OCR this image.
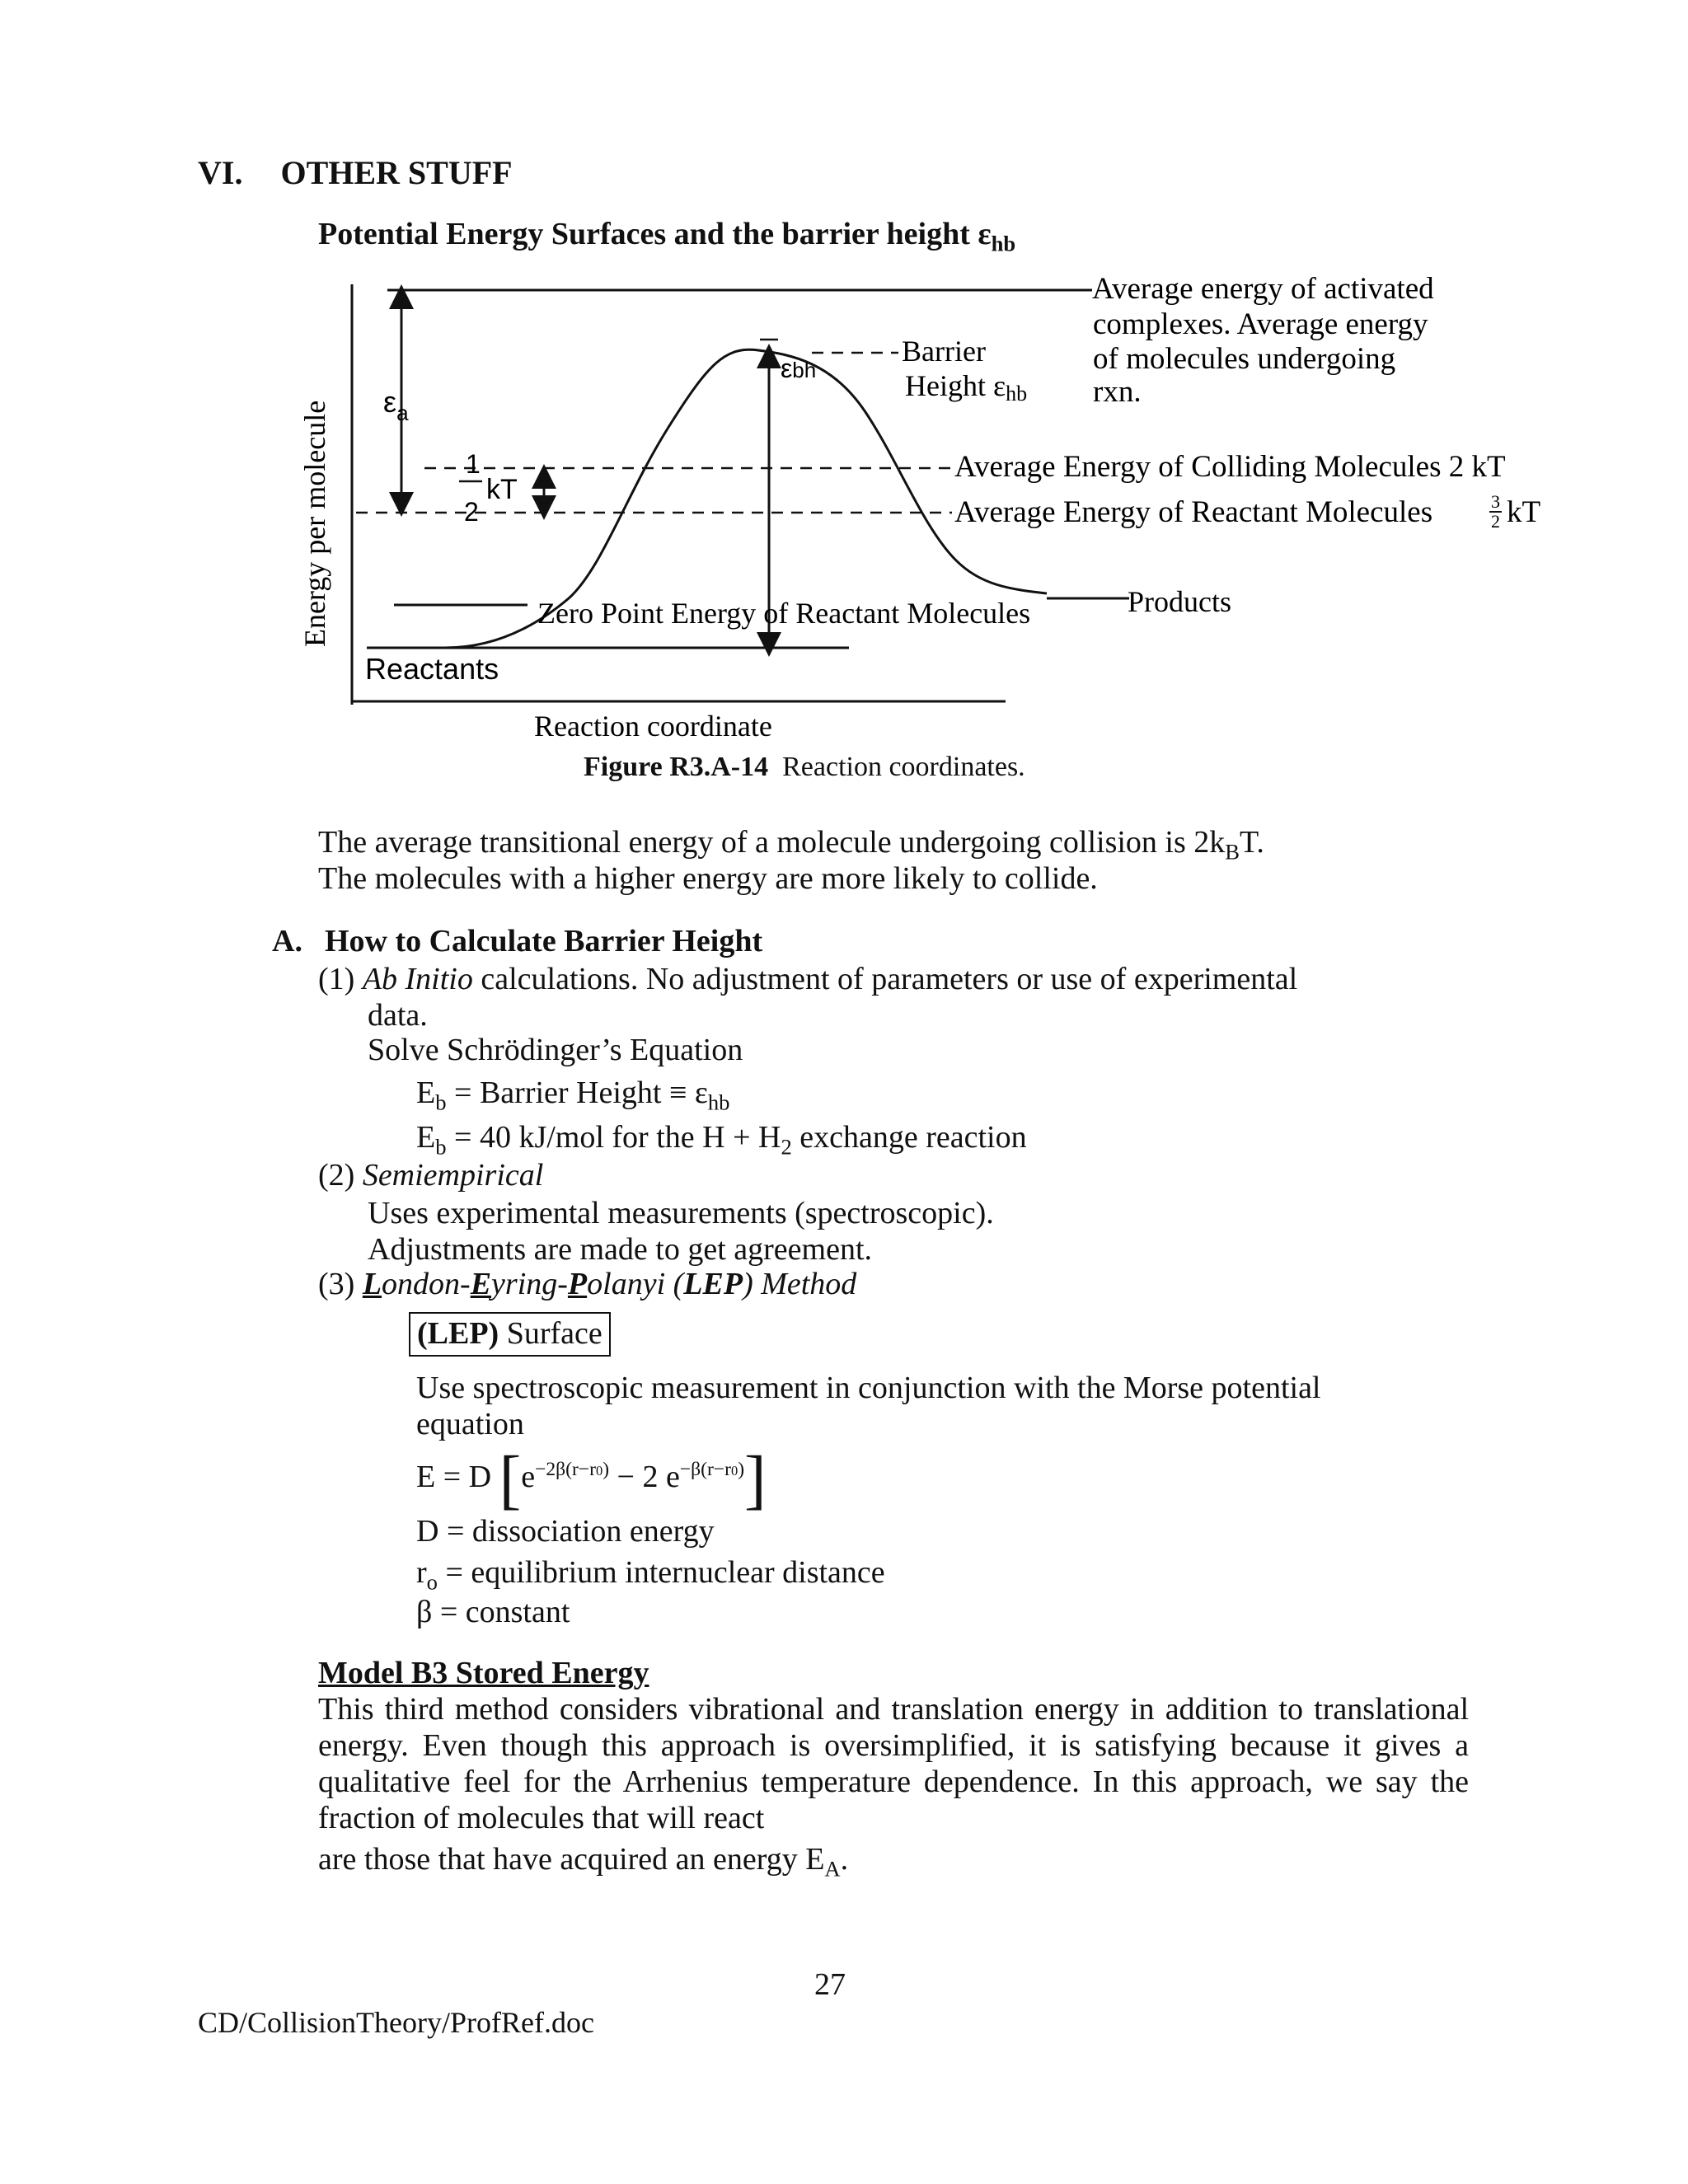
VI. OTHER STUFF
Potential Energy Surfaces and the barrier height $\varepsilon_{hb}$
Energy per molecule $\varepsilon_a$
1
kT
2
εbh
Barrier
Height εhb
Average energy of activated
complexes. Average energy
of molecules undergoing
rxn.
Average Energy of Colliding Molecules 2 kT
Average Energy of Reactant Molecules	3
2 kT
Zero Point Energy of Reactant Molecules	Products
Reactants
Reaction coordinate
Figure R3.A-14 Reaction coordinates.
The average transitional energy of a molecule undergoing collision is $2k_BT$.
The molecules with a higher energy are more likely to collide.
A. How to Calculate Barrier Height
(1) Ab Initio calculations. No adjustment of parameters or use of experimental
data.
Solve Schrödinger’s Equation
$E_b$ = Barrier Height ≡ $\varepsilon_{hb}$
$E_b = 40$ kJ/mol for the $H + H_2$ exchange reaction
(2) Semiempirical
Uses experimental measurements (spectroscopic).
Adjustments are made to get agreement.
(3) London-Eyring-Polanyi (LEP) Method
(LEP) Surface
Use spectroscopic measurement in conjunction with the Morse potential
equation
E = D [$e^{-2\beta(r-r0)} - 2$ $e^{-\beta(r-r0)}$]
D = dissociation energy
$r_o$ = equilibrium internuclear distance
β = constant
Model B3 Stored Energy
This third method considers vibrational and translation energy in addition to translational energy. Even though this approach is oversimplified, it is satisfying because it gives a qualitative feel for the Arrhenius temperature dependence. In this approach, we say the fraction of molecules that will react
are those that have acquired an energy $E_A$.
27
CD/CollisionTheory/ProfRef.doc
